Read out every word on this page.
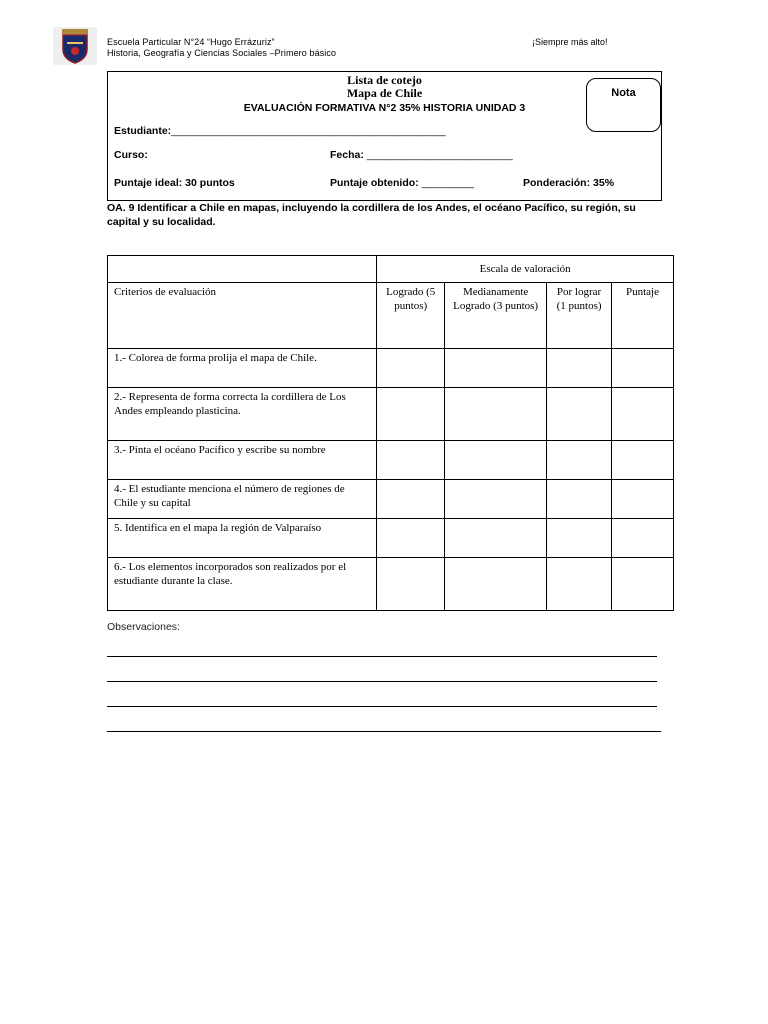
Escuela Particular N°24 “Hugo Errázuriz”
Historia, Geografía y Ciencias Sociales –Primero básico
¡Siempre más alto!
Lista de cotejo
Mapa de Chile
EVALUACIÓN FORMATIVA N°2 35% HISTORIA UNIDAD 3
Nota
Estudiante:_______________________________________________
Curso:	Fecha: _________________________
Puntaje ideal: 30 puntos	Puntaje obtenido: _________	Ponderación: 35%
OA. 9 Identificar a Chile en mapas, incluyendo la cordillera de los Andes, el océano Pacífico, su región, su capital y su localidad.
	Escala de valoración			
Criterios de evaluación	Logrado (5 puntos)	Medianamente Logrado (3 puntos)	Por lograr (1 puntos)	Puntaje
1.- Colorea de forma prolija el mapa de Chile.				
2.- Representa de forma correcta la cordillera de Los Andes empleando plasticina.				
3.- Pinta el océano Pacífico y escribe su nombre				
4.- El estudiante menciona el número de regiones de Chile y su capital				
5. Identifica en el mapa la región de Valparaíso				
6.- Los elementos incorporados son realizados por el estudiante durante la clase.				
Observaciones:
